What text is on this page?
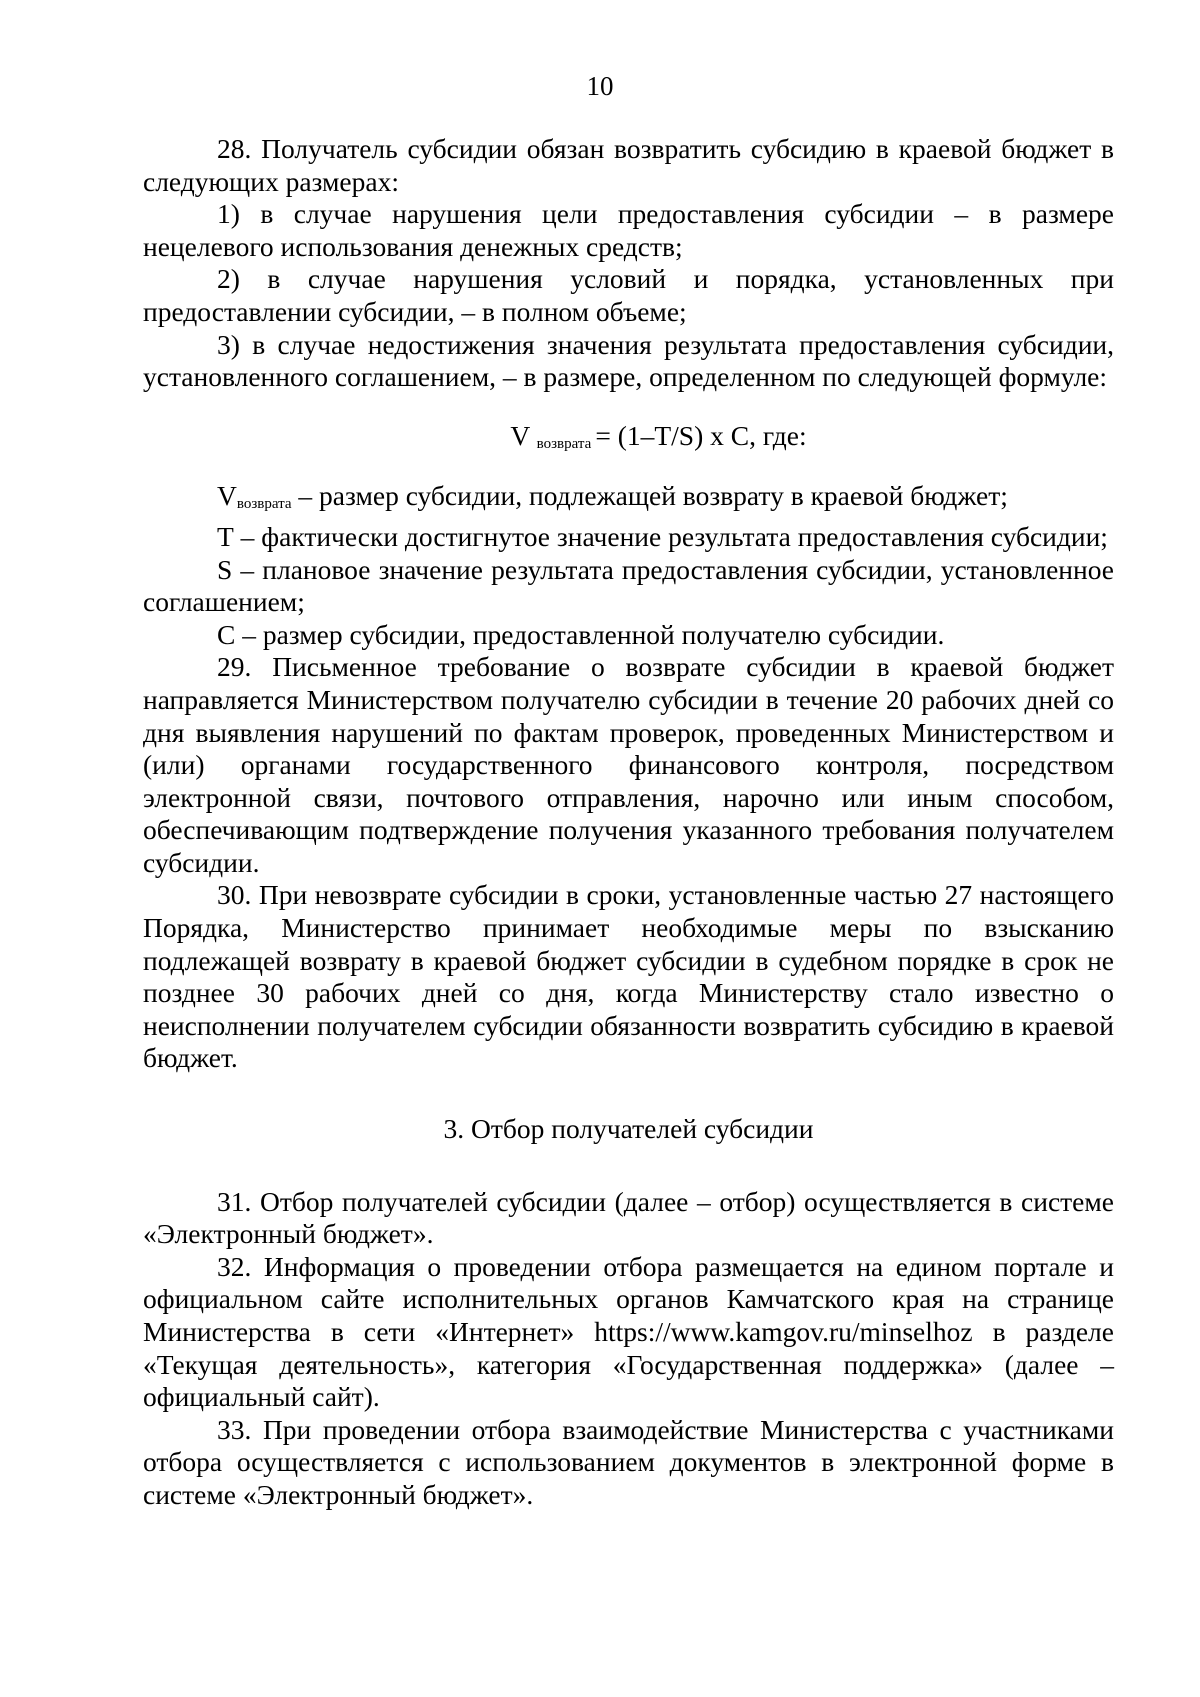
10

28. Получатель субсидии обязан возвратить субсидию в краевой бюджет в следующих размерах:

1) в случае нарушения цели предоставления субсидии – в размере нецелевого использования денежных средств;

2) в случае нарушения условий и порядка, установленных при предоставлении субсидии, – в полном объеме;

3) в случае недостижения значения результата предоставления субсидии, установленного соглашением, – в размере, определенном по следующей формуле:

V $_{возврата}$ = (1–T/S) х С, где:

$V_{возврата}$ – размер субсидии, подлежащей возврату в краевой бюджет;

Т – фактически достигнутое значение результата предоставления субсидии;

S – плановое значение результата предоставления субсидии, установленное соглашением;

С – размер субсидии, предоставленной получателю субсидии.

29. Письменное требование о возврате субсидии в краевой бюджет направляется Министерством получателю субсидии в течение 20 рабочих дней со дня выявления нарушений по фактам проверок, проведенных Министерством и (или) органами государственного финансового контроля, посредством электронной связи, почтового отправления, нарочно или иным способом, обеспечивающим подтверждение получения указанного требования получателем субсидии.

30. При невозврате субсидии в сроки, установленные частью 27 настоящего Порядка, Министерство принимает необходимые меры по взысканию подлежащей возврату в краевой бюджет субсидии в судебном порядке в срок не позднее 30 рабочих дней со дня, когда Министерству стало известно о неисполнении получателем субсидии обязанности возвратить субсидию в краевой бюджет.

3. Отбор получателей субсидии

31. Отбор получателей субсидии (далее – отбор) осуществляется в системе «Электронный бюджет».

32. Информация о проведении отбора размещается на едином портале и официальном сайте исполнительных органов Камчатского края на странице Министерства в сети «Интернет» https://www.kamgov.ru/minselhoz в разделе «Текущая деятельность», категория «Государственная поддержка» (далее – официальный сайт).

33. При проведении отбора взаимодействие Министерства с участниками отбора осуществляется с использованием документов в электронной форме в системе «Электронный бюджет».
